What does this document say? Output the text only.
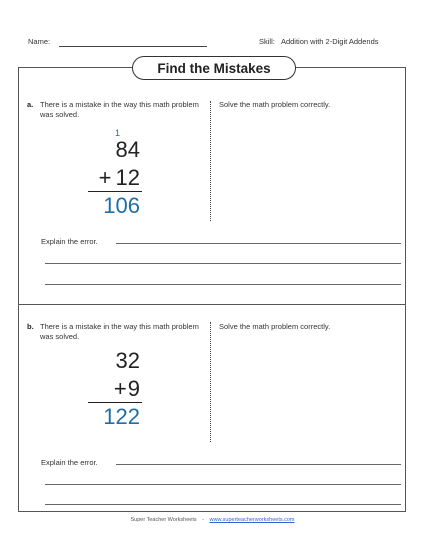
Name:	Skill: Addition with 2-Digit Addends
Find the Mistakes
a. There is a mistake in the way this math problem was solved.
Solve the math problem correctly.
1
84
+ 12
106
Explain the error.
b. There is a mistake in the way this math problem was solved.
Solve the math problem correctly.
32
+9
122
Explain the error.
Super Teacher Worksheets - www.superteacherworksheets.com
